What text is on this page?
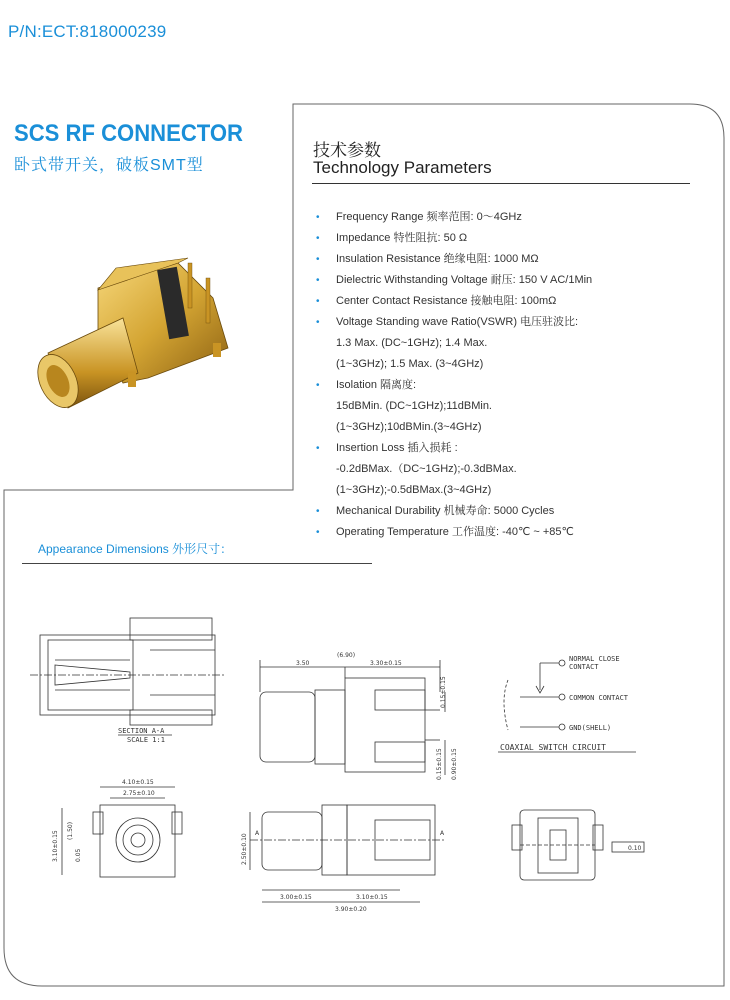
P/N:ECT:818000239
SCS RF CONNECTOR
卧式带开关，破板SMT型
技术参数
Technology Parameters
• Frequency Range 频率范围: 0～4GHz
• Impedance 特性阻抗: 50 Ω
• Insulation Resistance 绝缘电阻: 1000 MΩ
• Dielectric Withstanding Voltage 耐压: 150 V AC/1Min
• Center Contact Resistance 接触电阻: 100mΩ
• Voltage Standing wave Ratio(VSWR) 电压驻波比:
1.3 Max. (DC~1GHz); 1.4 Max.
(1~3GHz); 1.5 Max. (3~4GHz)
• Isolation 隔离度:
15dBMin. (DC~1GHz);11dBMin.
(1~3GHz);10dBMin.(3~4GHz)
• Insertion Loss 插入损耗 :
-0.2dBMax.（DC~1GHz);-0.3dBMax.
(1~3GHz);-0.5dBMax.(3~4GHz)
• Mechanical Durability 机械寿命: 5000 Cycles
• Operating Temperature 工作温度: -40℃ ~ +85℃
Appearance Dimensions 外形尺寸：
SECTION A-A
SCALE 1:1
(6.90)
3.50	3.30±0.15
0.15±0.15
0.15±0.15 0.90±0.15
4.10±0.15
2.75±0.10
3.10±0.15 (1.50)
0.05	2.50±0.10
3.00±0.15	3.10±0.15
3.90±0.20
A	A
0.10
NORMAL CLOSE
CONTACT
COMMON CONTACT
GND(SHELL)
COAXIAL SWITCH CIRCUIT
